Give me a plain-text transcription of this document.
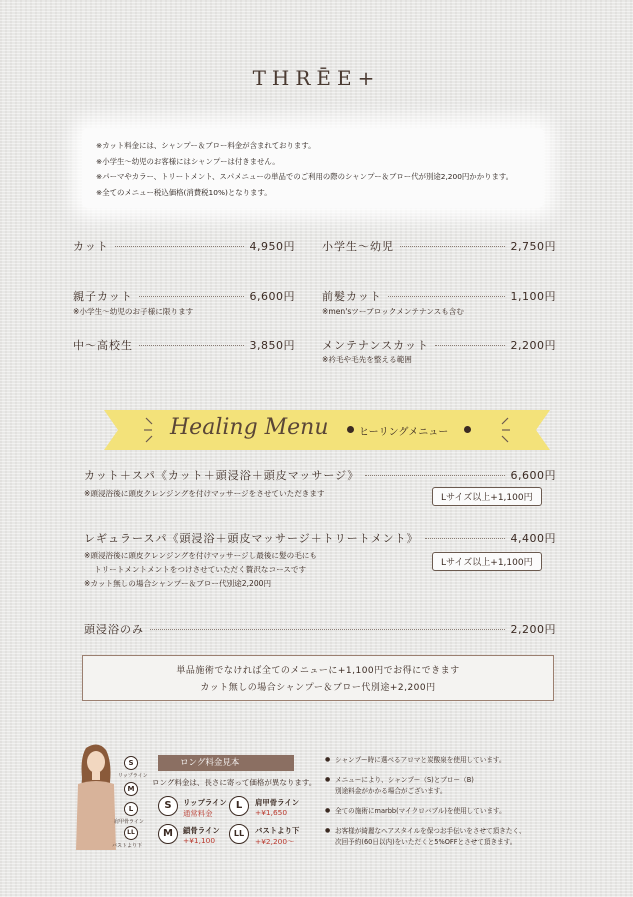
THRĒE+
※カット料金には、シャンプー＆ブロー料金が含まれております。
※小学生〜幼児のお客様にはシャンプーは付きません。
※パーマやカラー、トリートメント、スパメニューの単品でのご利用の際のシャンプー＆ブロー代が別途2,200円かかります。
※全てのメニュー税込価格(消費税10%)となります。
カット	4,950円 小学生〜幼児	2,750円
親子カット	6,600円
※小学生〜幼児のお子様に限ります
前髪カット	1,100円
※men'sツーブロックメンテナンスも含む
中〜高校生	3,850円 メンテナンスカット	2,200円
※衿毛や毛先を整える範囲
Healing Menu	ヒーリングメニュー
カット＋スパ《カット＋頭浸浴＋頭皮マッサージ》	6,600円
※頭浸浴後に頭皮クレンジングを付けマッサージをさせていただきます	Lサイズ以上+1,100円
レギュラースパ《頭浸浴＋頭皮マッサージ＋トリートメント》	4,400円
※頭浸浴後に頭皮クレンジングを付けマッサージし最後に髪の毛にも
トリートメントメントをつけさせていただく贅沢なコースです
※カット無しの場合シャンプー＆ブロー代別途2,200円
Lサイズ以上+1,100円
頭浸浴のみ	2,200円
単品施術でなければ全てのメニューに+1,100円でお得にできます
カット無しの場合シャンプー＆ブロー代別途+2,200円
S
リップライン
M
L
肩甲骨ライン
LL
バストより下
ロング料金見本
ロング料金は、長さに寄って価格が異なります。
S	リップライン
通常料金
L	肩甲骨ライン
+¥1,650
M	鎖骨ライン
+¥1,100
LL	バストより下
+¥2,200〜
● シャンプー時に選べるアロマと炭酸泉を使用しています。
● メニューにより、シャンプー（S)とブロー（B)
別途料金がかかる場合がございます。
● 全ての施術にmarbb(マイクロバブル)を使用しています。
● お客様が綺麗なヘアスタイルを保つお手伝いをさせて頂きたく、
次回予約(60日以内)をいただくと5%OFFとさせて頂きます。
